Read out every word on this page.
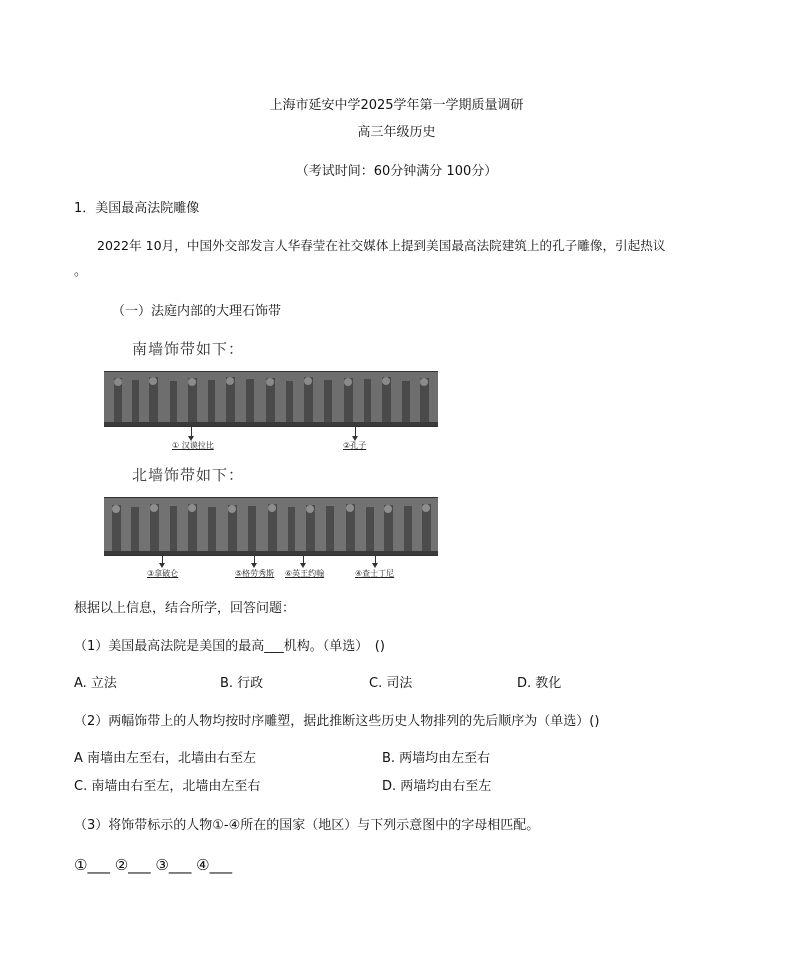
上海市延安中学2025学年第一学期质量调研
高三年级历史
（考试时间：60分钟满分 100分）
1．美国最高法院雕像
2022年 10月，中国外交部发言人华春莹在社交媒体上提到美国最高法院建筑上的孔子雕像，引起热议
。
（一）法庭内部的大理石饰带
南墙饰带如下：
① 汉谟拉比	②孔子
北墙饰带如下：
③拿破仑	⑤格劳秀斯 ⑥英王约翰	④查士丁尼
根据以上信息，结合所学，回答问题：
（1）美国最高法院是美国的最高___机构。（单选）　()
A. 立法	B. 行政	C. 司法	D. 教化
（2）两幅饰带上的人物均按时序雕塑，据此推断这些历史人物排列的先后顺序为（单选）()
A 南墙由左至右，北墙由右至左	B. 两墙均由左至右
C. 南墙由右至左，北墙由左至右	D. 两墙均由右至左
（3）将饰带标示的人物①-④所在的国家（地区）与下列示意图中的字母相匹配。
①___ ②___ ③___ ④___
